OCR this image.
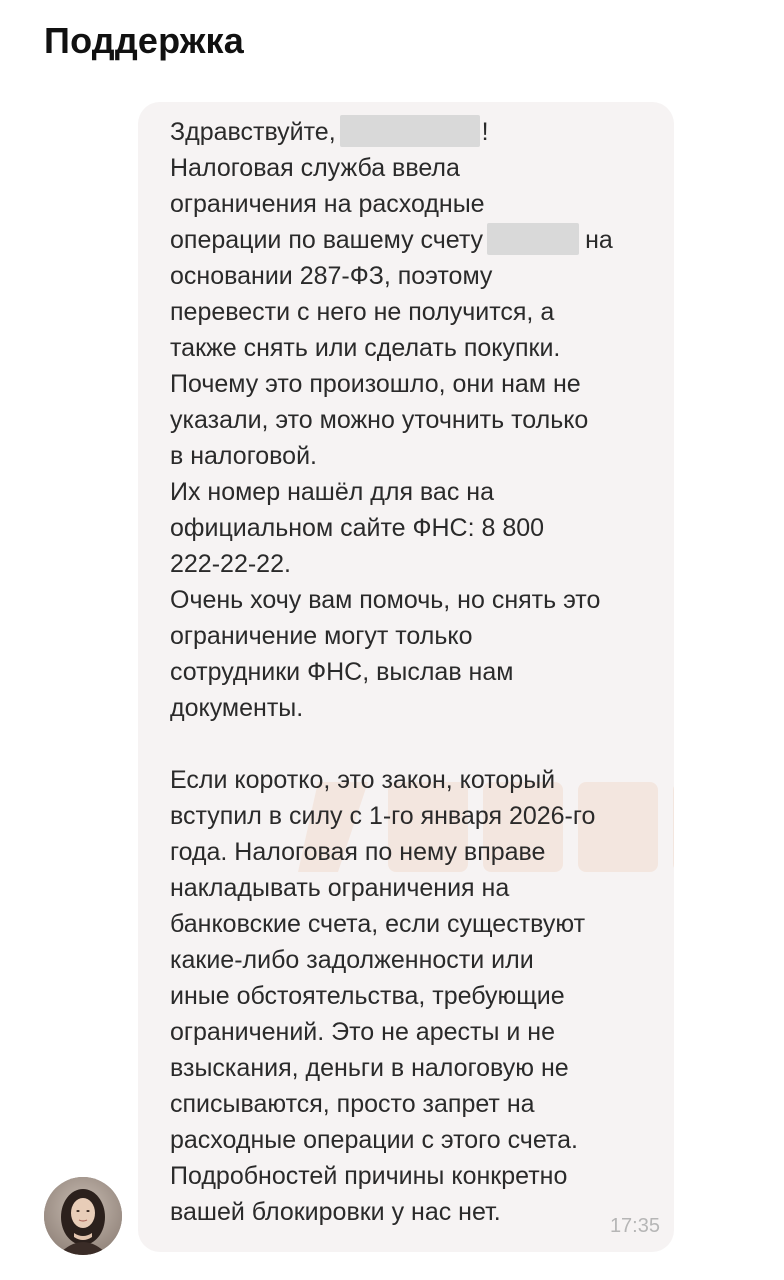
Поддержка
Здравствуйте,	!
Налоговая служба ввела
ограничения на расходные
операции по вашему счету	на
основании 287-ФЗ, поэтому
перевести с него не получится, а
также снять или сделать покупки.
Почему это произошло, они нам не
указали, это можно уточнить только
в налоговой.
Их номер нашёл для вас на
официальном сайте ФНС: 8 800
222-22-22.
Очень хочу вам помочь, но снять это
ограничение могут только
сотрудники ФНС, выслав нам
документы.
Если коротко, это закон, который
вступил в силу с 1-го января 2026-го
года. Налоговая по нему вправе
накладывать ограничения на
банковские счета, если существуют
какие-либо задолженности или
иные обстоятельства, требующие
ограничений. Это не аресты и не
взыскания, деньги в налоговую не
списываются, просто запрет на
расходные операции с этого счета.
Подробностей причины конкретно
вашей блокировки у нас нет.	17:35
